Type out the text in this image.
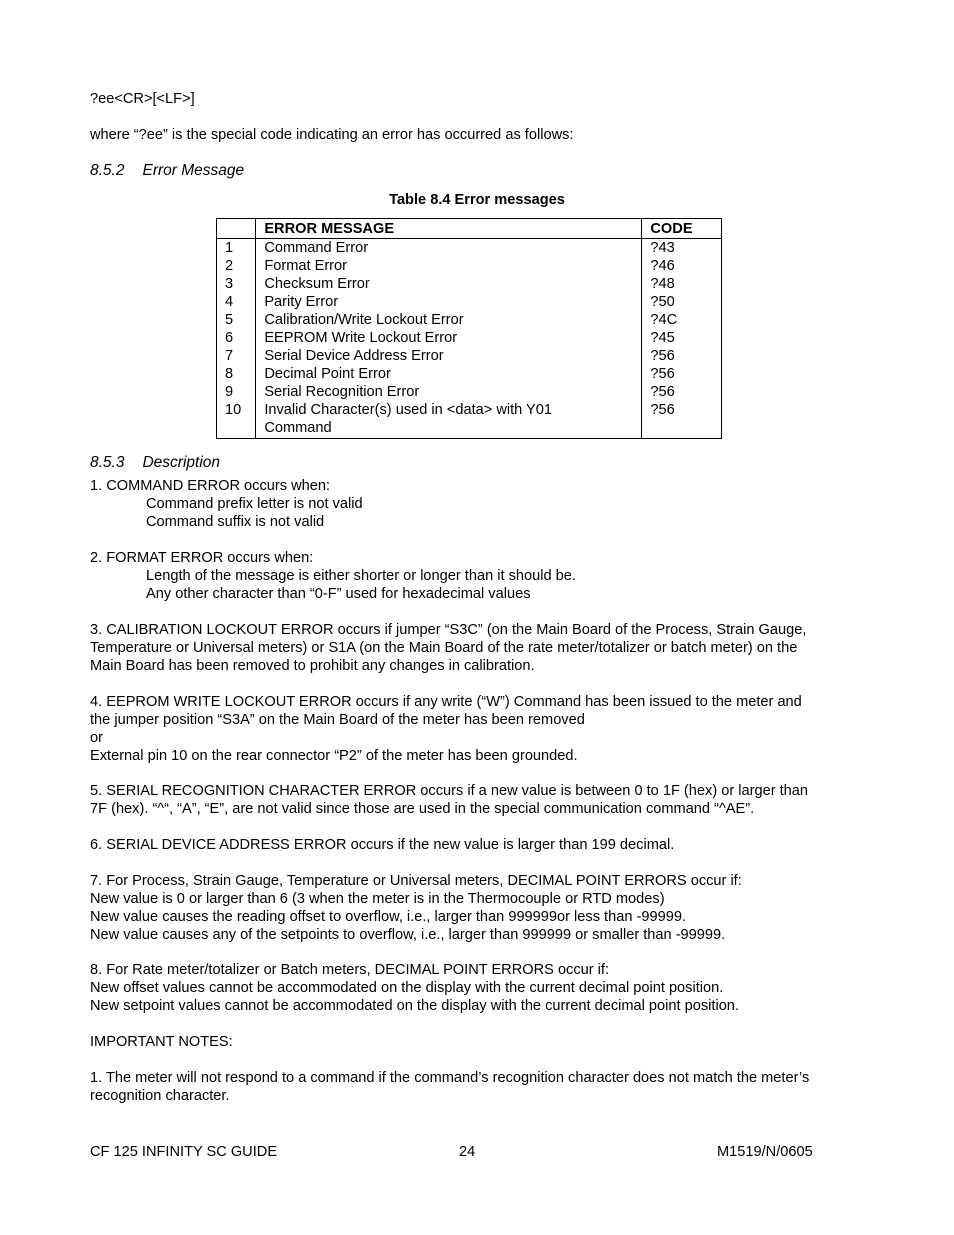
?ee<CR>[<LF>]
where “?ee” is the special code indicating an error has occurred as follows:
8.5.2 Error Message
Table 8.4 Error messages
	ERROR MESSAGE	CODE
1	Command Error	?43
2	Format Error	?46
3	Checksum Error	?48
4	Parity Error	?50
5	Calibration/Write Lockout Error	?4C
6	EEPROM Write Lockout Error	?45
7	Serial Device Address Error	?56
8	Decimal Point Error	?56
9	Serial Recognition Error	?56
10	Invalid Character(s) used in <data> with Y01 Command	?56
8.5.3 Description
1. COMMAND ERROR occurs when:
Command prefix letter is not valid
Command suffix is not valid
2. FORMAT ERROR occurs when:
Length of the message is either shorter or longer than it should be.
Any other character than “0-F” used for hexadecimal values
3. CALIBRATION LOCKOUT ERROR occurs if jumper “S3C” (on the Main Board of the Process, Strain Gauge,
Temperature or Universal meters) or S1A (on the Main Board of the rate meter/totalizer or batch meter) on the
Main Board has been removed to prohibit any changes in calibration.
4. EEPROM WRITE LOCKOUT ERROR occurs if any write (“W”) Command has been issued to the meter and
the jumper position “S3A” on the Main Board of the meter has been removed
or
External pin 10 on the rear connector “P2” of the meter has been grounded.
5. SERIAL RECOGNITION CHARACTER ERROR occurs if a new value is between 0 to 1F (hex) or larger than
7F (hex). “^“, “A”, “E”, are not valid since those are used in the special communication command “^AE”.
6. SERIAL DEVICE ADDRESS ERROR occurs if the new value is larger than 199 decimal.
7. For Process, Strain Gauge, Temperature or Universal meters, DECIMAL POINT ERRORS occur if:
New value is 0 or larger than 6 (3 when the meter is in the Thermocouple or RTD modes)
New value causes the reading offset to overflow, i.e., larger than 999999or less than -99999.
New value causes any of the setpoints to overflow, i.e., larger than 999999 or smaller than -99999.
8. For Rate meter/totalizer or Batch meters, DECIMAL POINT ERRORS occur if:
New offset values cannot be accommodated on the display with the current decimal point position.
New setpoint values cannot be accommodated on the display with the current decimal point position.
IMPORTANT NOTES:
1. The meter will not respond to a command if the command’s recognition character does not match the meter’s
recognition character.
CF 125 INFINITY SC GUIDE	24	M1519/N/0605
